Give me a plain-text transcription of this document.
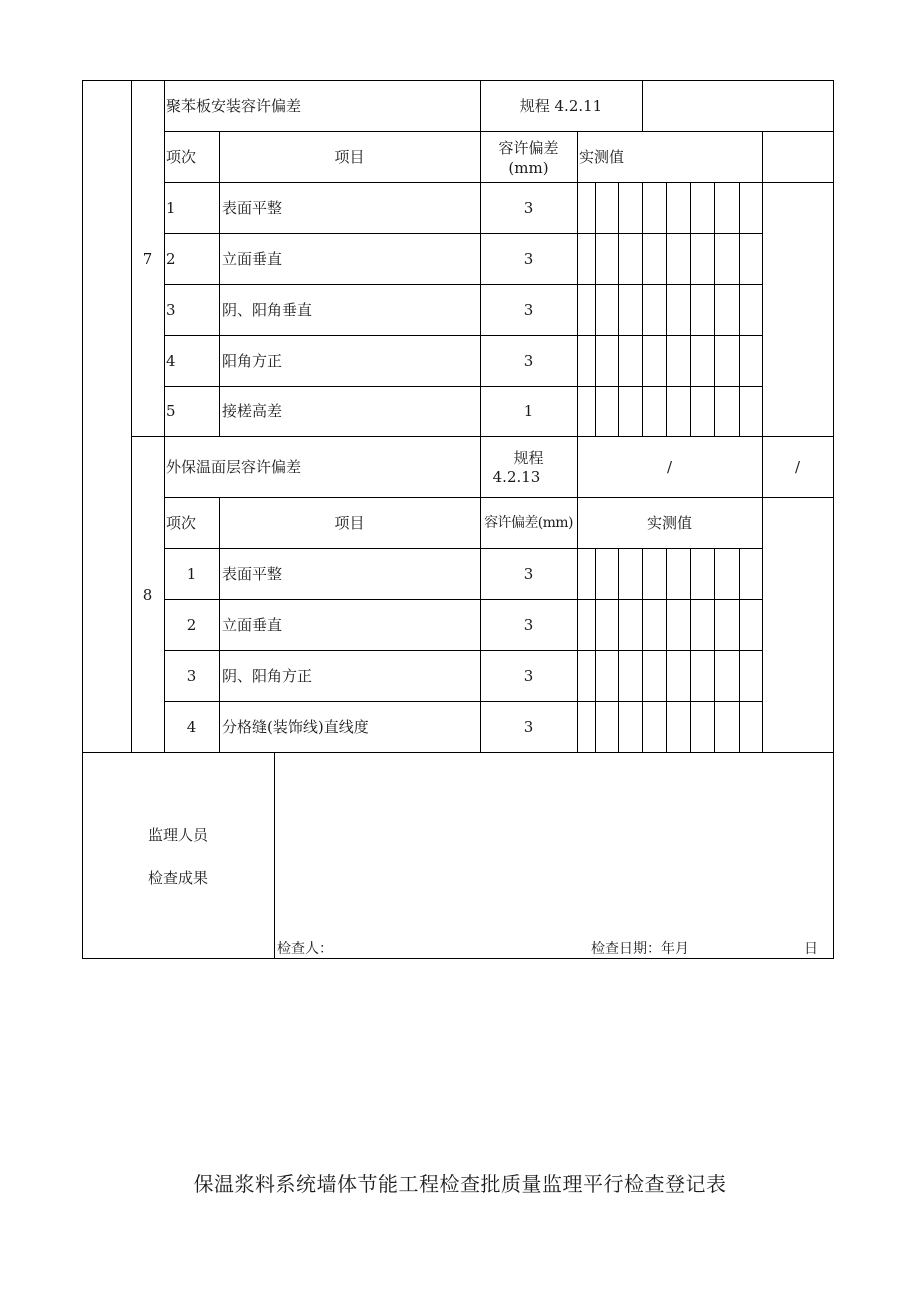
7
聚苯板安装容许偏差	规程 4.2.11
项次	项目	容许偏差
(mm)
实测值
1	表面平整	3
2	立面垂直	3
3	阴、阳角垂直	3
4	阳角方正	3
5	接槎高差	1
8
外保温面层容许偏差	规程
4.2.13
/	/
项次	项目	容许偏差(mm)	实测值
1	表面平整	3
2	立面垂直	3
3	阴、阳角方正	3
4	分格缝(装饰线)直线度	3
监理人员
检查成果
检查人：	检查日期：年月	日
保温浆料系统墙体节能工程检查批质量监理平行检查登记表
